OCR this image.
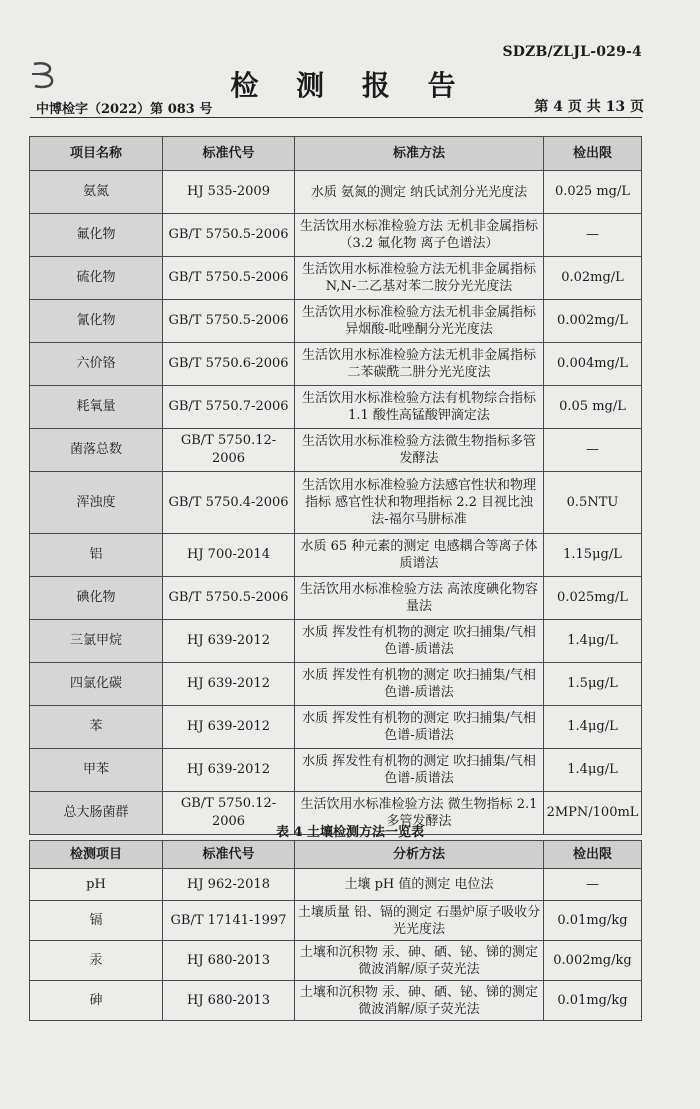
SDZB/ZLJL-029-4
检 测 报 告
中博检字（2022）第 083 号	第 4 页 共 13 页
项目名称	标准代号	标准方法	检出限
氨氮	HJ 535-2009	水质 氨氮的测定 纳氏试剂分光光度法	0.025 mg/L
氟化物	GB/T 5750.5-2006	生活饮用水标准检验方法 无机非金属指标（3.2 氟化物 离子色谱法）	—
硫化物	GB/T 5750.5-2006	生活饮用水标准检验方法无机非金属指标 N,N-二乙基对苯二胺分光光度法	0.02mg/L
氰化物	GB/T 5750.5-2006	生活饮用水标准检验方法无机非金属指标 异烟酸-吡唑酮分光光度法	0.002mg/L
六价铬	GB/T 5750.6-2006	生活饮用水标准检验方法无机非金属指标 二苯碳酰二肼分光光度法	0.004mg/L
耗氧量	GB/T 5750.7-2006	生活饮用水标准检验方法有机物综合指标 1.1 酸性高锰酸钾滴定法	0.05 mg/L
菌落总数	GB/T 5750.12-2006	生活饮用水标准检验方法微生物指标多管发酵法	—
浑浊度	GB/T 5750.4-2006	生活饮用水标准检验方法感官性状和物理指标 感官性状和物理指标 2.2 目视比浊法-福尔马肼标准	0.5NTU
铝	HJ 700-2014	水质 65 种元素的测定 电感耦合等离子体质谱法	1.15μg/L
碘化物	GB/T 5750.5-2006	生活饮用水标准检验方法 高浓度碘化物容量法	0.025mg/L
三氯甲烷	HJ 639-2012	水质 挥发性有机物的测定 吹扫捕集/气相色谱-质谱法	1.4μg/L
四氯化碳	HJ 639-2012	水质 挥发性有机物的测定 吹扫捕集/气相色谱-质谱法	1.5μg/L
苯	HJ 639-2012	水质 挥发性有机物的测定 吹扫捕集/气相色谱-质谱法	1.4μg/L
甲苯	HJ 639-2012	水质 挥发性有机物的测定 吹扫捕集/气相色谱-质谱法	1.4μg/L
总大肠菌群	GB/T 5750.12-2006	生活饮用水标准检验方法 微生物指标 2.1 多管发酵法	2MPN/100mL
表 4 土壤检测方法一览表
检测项目	标准代号	分析方法	检出限
pH	HJ 962-2018	土壤 pH 值的测定 电位法	—
镉	GB/T 17141-1997	土壤质量 铅、镉的测定 石墨炉原子吸收分光光度法	0.01mg/kg
汞	HJ 680-2013	土壤和沉积物 汞、砷、硒、铋、锑的测定 微波消解/原子荧光法	0.002mg/kg
砷	HJ 680-2013	土壤和沉积物 汞、砷、硒、铋、锑的测定 微波消解/原子荧光法	0.01mg/kg
